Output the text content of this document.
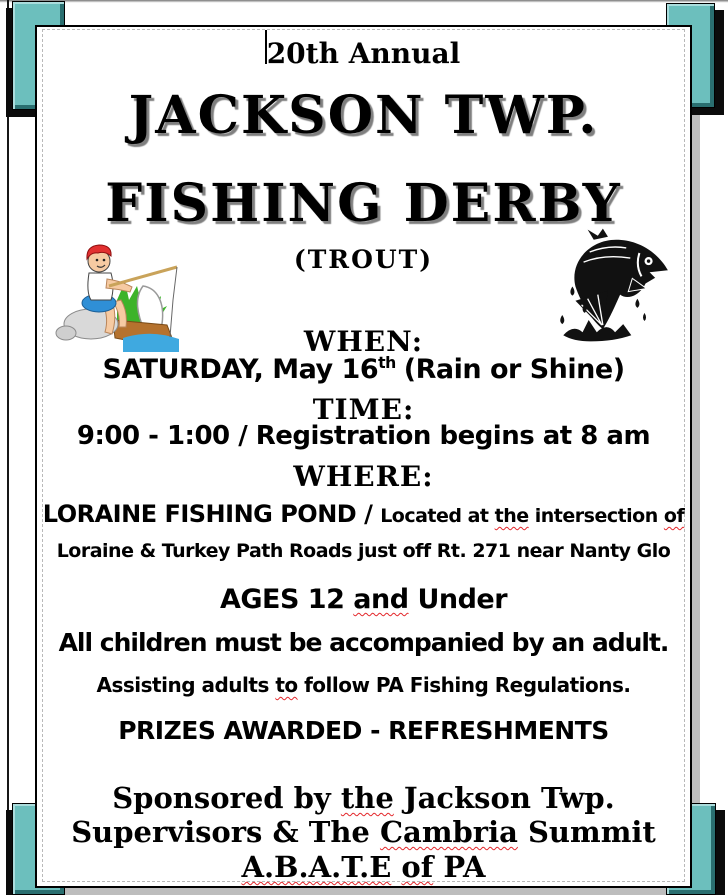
20th Annual
JACKSON TWP.
FISHING DERBY
(TROUT)
WHEN:
SATURDAY, May 16th (Rain or Shine)
TIME:
9:00 - 1:00 / Registration begins at 8 am
WHERE:
LORAINE FISHING POND / Located at the intersection of
Loraine & Turkey Path Roads just off Rt. 271 near Nanty Glo
AGES 12 and Under
All children must be accompanied by an adult.
Assisting adults to follow PA Fishing Regulations.
PRIZES AWARDED - REFRESHMENTS
Sponsored by the Jackson Twp.
Supervisors & The Cambria Summit
A.B.A.T.E of PA
